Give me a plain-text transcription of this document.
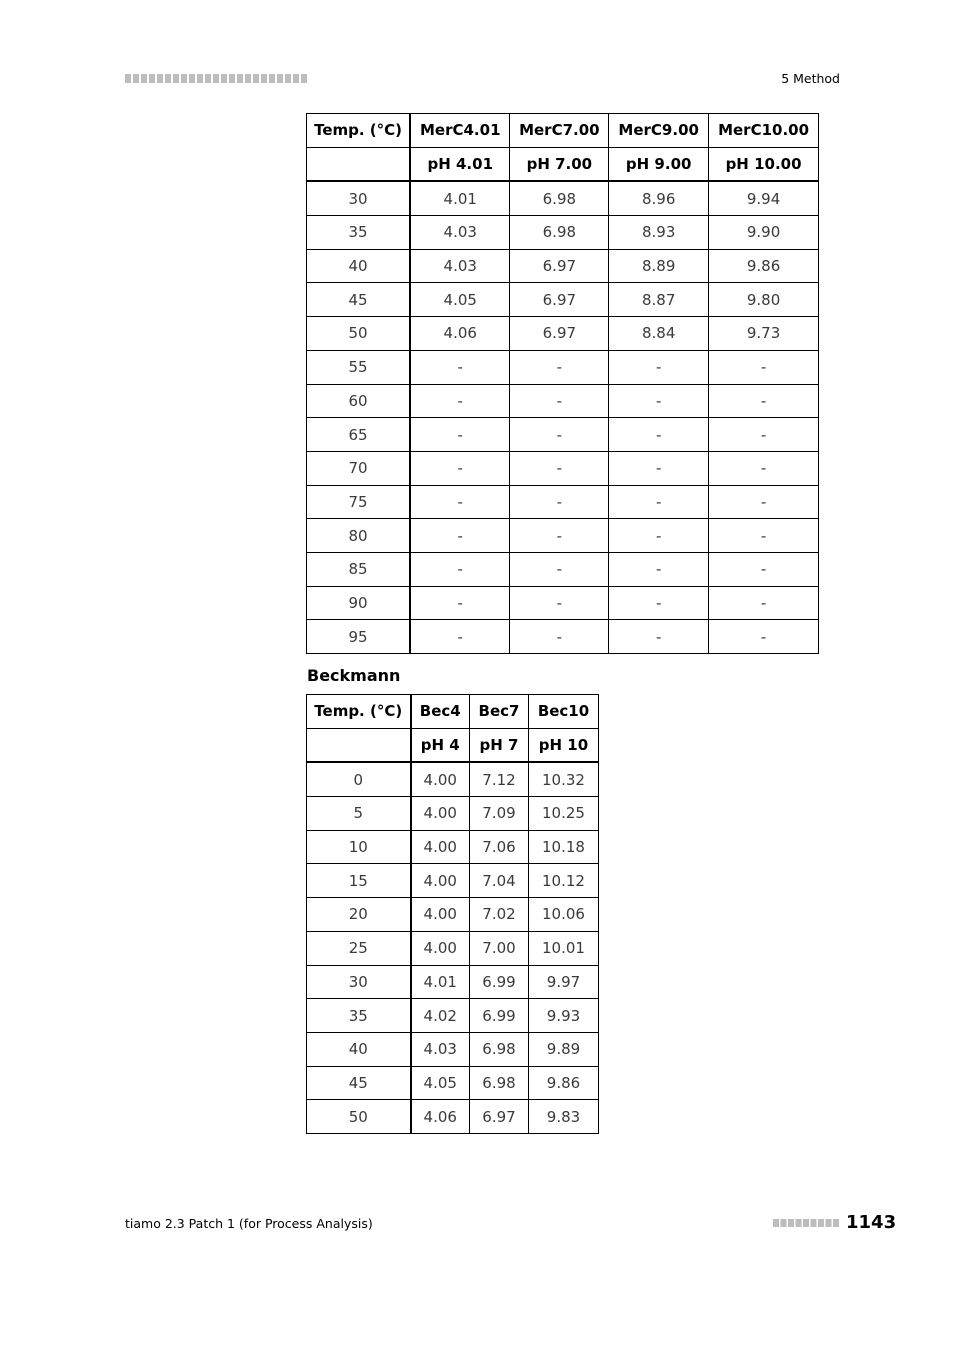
5 Method
Temp. (°C)	MerC4.01	MerC7.00	MerC9.00	MerC10.00
	pH 4.01	pH 7.00	pH 9.00	pH 10.00
30	4.01	6.98	8.96	9.94
35	4.03	6.98	8.93	9.90
40	4.03	6.97	8.89	9.86
45	4.05	6.97	8.87	9.80
50	4.06	6.97	8.84	9.73
55	-	-	-	-
60	-	-	-	-
65	-	-	-	-
70	-	-	-	-
75	-	-	-	-
80	-	-	-	-
85	-	-	-	-
90	-	-	-	-
95	-	-	-	-
Beckmann
Temp. (°C)	Bec4	Bec7	Bec10
	pH 4	pH 7	pH 10
0	4.00	7.12	10.32
5	4.00	7.09	10.25
10	4.00	7.06	10.18
15	4.00	7.04	10.12
20	4.00	7.02	10.06
25	4.00	7.00	10.01
30	4.01	6.99	9.97
35	4.02	6.99	9.93
40	4.03	6.98	9.89
45	4.05	6.98	9.86
50	4.06	6.97	9.83
tiamo 2.3 Patch 1 (for Process Analysis)	1143
